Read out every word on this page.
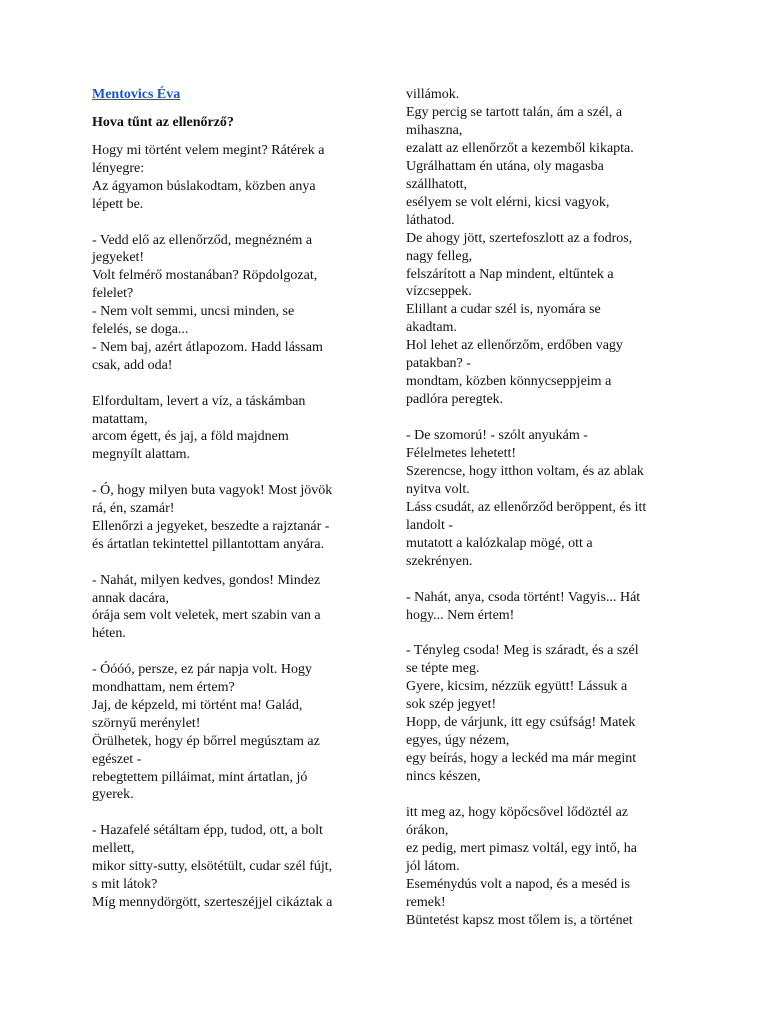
Mentovics Éva
Hova tűnt az ellenőrző?
Hogy mi történt velem megint? Rátérek a
lényegre:
Az ágyamon búslakodtam, közben anya
lépett be.
- Vedd elő az ellenőrződ, megnézném a
jegyeket!
Volt felmérő mostanában? Röpdolgozat,
felelet?
- Nem volt semmi, uncsi minden, se
felelés, se doga...
- Nem baj, azért átlapozom. Hadd lássam
csak, add oda!
Elfordultam, levert a víz, a táskámban
matattam,
arcom égett, és jaj, a föld majdnem
megnyílt alattam.
- Ó, hogy milyen buta vagyok! Most jövök
rá, én, szamár!
Ellenőrzi a jegyeket, beszedte a rajztanár -
és ártatlan tekintettel pillantottam anyára.
- Nahát, milyen kedves, gondos! Mindez
annak dacára,
órája sem volt veletek, mert szabin van a
héten.
- Óóóó, persze, ez pár napja volt. Hogy
mondhattam, nem értem?
Jaj, de képzeld, mi történt ma! Galád,
szörnyű merénylet!
Örülhetek, hogy ép bőrrel megúsztam az
egészet -
rebegtettem pilláimat, mint ártatlan, jó
gyerek.
- Hazafelé sétáltam épp, tudod, ott, a bolt
mellett,
mikor sitty-sutty, elsötétült, cudar szél fújt,
s mit látok?
Míg mennydörgött, szerteszéjjel cikáztak a
villámok.
Egy percig se tartott talán, ám a szél, a
mihaszna,
ezalatt az ellenőrzőt a kezemből kikapta.
Ugrálhattam én utána, oly magasba
szállhatott,
esélyem se volt elérni, kicsi vagyok,
láthatod.
De ahogy jött, szertefoszlott az a fodros,
nagy felleg,
felszárított a Nap mindent, eltűntek a
vízcseppek.
Elillant a cudar szél is, nyomára se
akadtam.
Hol lehet az ellenőrzőm, erdőben vagy
patakban? -
mondtam, közben könnycseppjeim a
padlóra peregtek.
- De szomorú! - szólt anyukám -
Félelmetes lehetett!
Szerencse, hogy itthon voltam, és az ablak
nyitva volt.
Láss csudát, az ellenőrződ beröppent, és itt
landolt -
mutatott a kalózkalap mögé, ott a
szekrényen.
- Nahát, anya, csoda történt! Vagyis... Hát
hogy... Nem értem!
- Tényleg csoda! Meg is száradt, és a szél
se tépte meg.
Gyere, kicsim, nézzük együtt! Lássuk a
sok szép jegyet!
Hopp, de várjunk, itt egy csúfság! Matek
egyes, úgy nézem,
egy beírás, hogy a leckéd ma már megint
nincs készen,
itt meg az, hogy köpőcsővel lődöztél az
órákon,
ez pedig, mert pimasz voltál, egy intő, ha
jól látom.
Eseménydús volt a napod, és a meséd is
remek!
Büntetést kapsz most tőlem is, a történet
